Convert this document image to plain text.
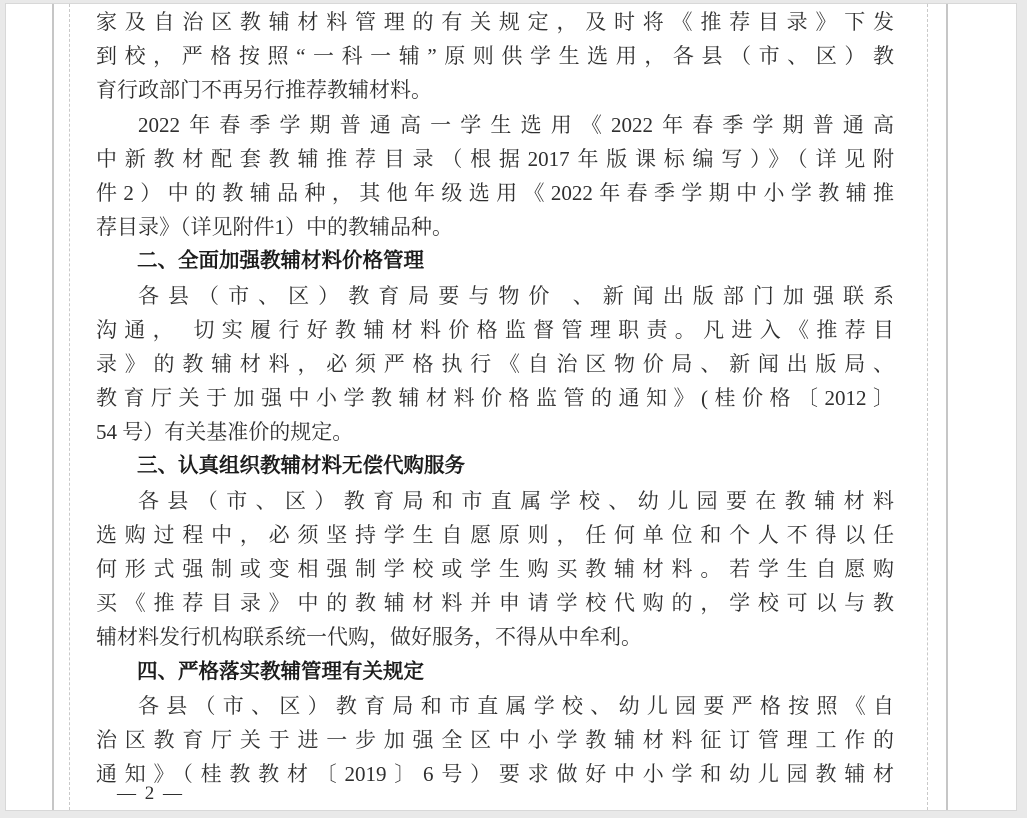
家及自治区教辅材料管理的有关规定，及时将《推荐目录》下发
到校，严格按照“一科一辅”原则供学生选用，各县（市、区）教
育行政部门不再另行推荐教辅材料。
2022年春季学期普通高一学生选用《2022年春季学期普通高
中新教材配套教辅推荐目录（根据2017年版课标编写）》（详见附
件2）中的教辅品种，其他年级选用《2022年春季学期中小学教辅推
荐目录》（详见附件1）中的教辅品种。
二、全面加强教辅材料价格管理
各县（市、区）教育局要与物价 、新闻出版部门加强联系
沟通， 切实履行好教辅材料价格监督管理职责。凡进入《推荐目
录》的教辅材料，必须严格执行《自治区物价局、新闻出版局、
教育厅关于加强中小学教辅材料价格监管的通知》(桂价格〔2012〕
54 号）有关基准价的规定。
三、认真组织教辅材料无偿代购服务
各县（市、区）教育局和市直属学校、幼儿园要在教辅材料
选购过程中，必须坚持学生自愿原则，任何单位和个人不得以任
何形式强制或变相强制学校或学生购买教辅材料。若学生自愿购
买《推荐目录》中的教辅材料并申请学校代购的，学校可以与教
辅材料发行机构联系统一代购，做好服务，不得从中牟利。
四、严格落实教辅管理有关规定
各县（市、区）教育局和市直属学校、幼儿园要严格按照《自
治区教育厅关于进一步加强全区中小学教辅材料征订管理工作的
通知》（桂教教材〔2019〕6号）要求做好中小学和幼儿园教辅材
— 2 —
